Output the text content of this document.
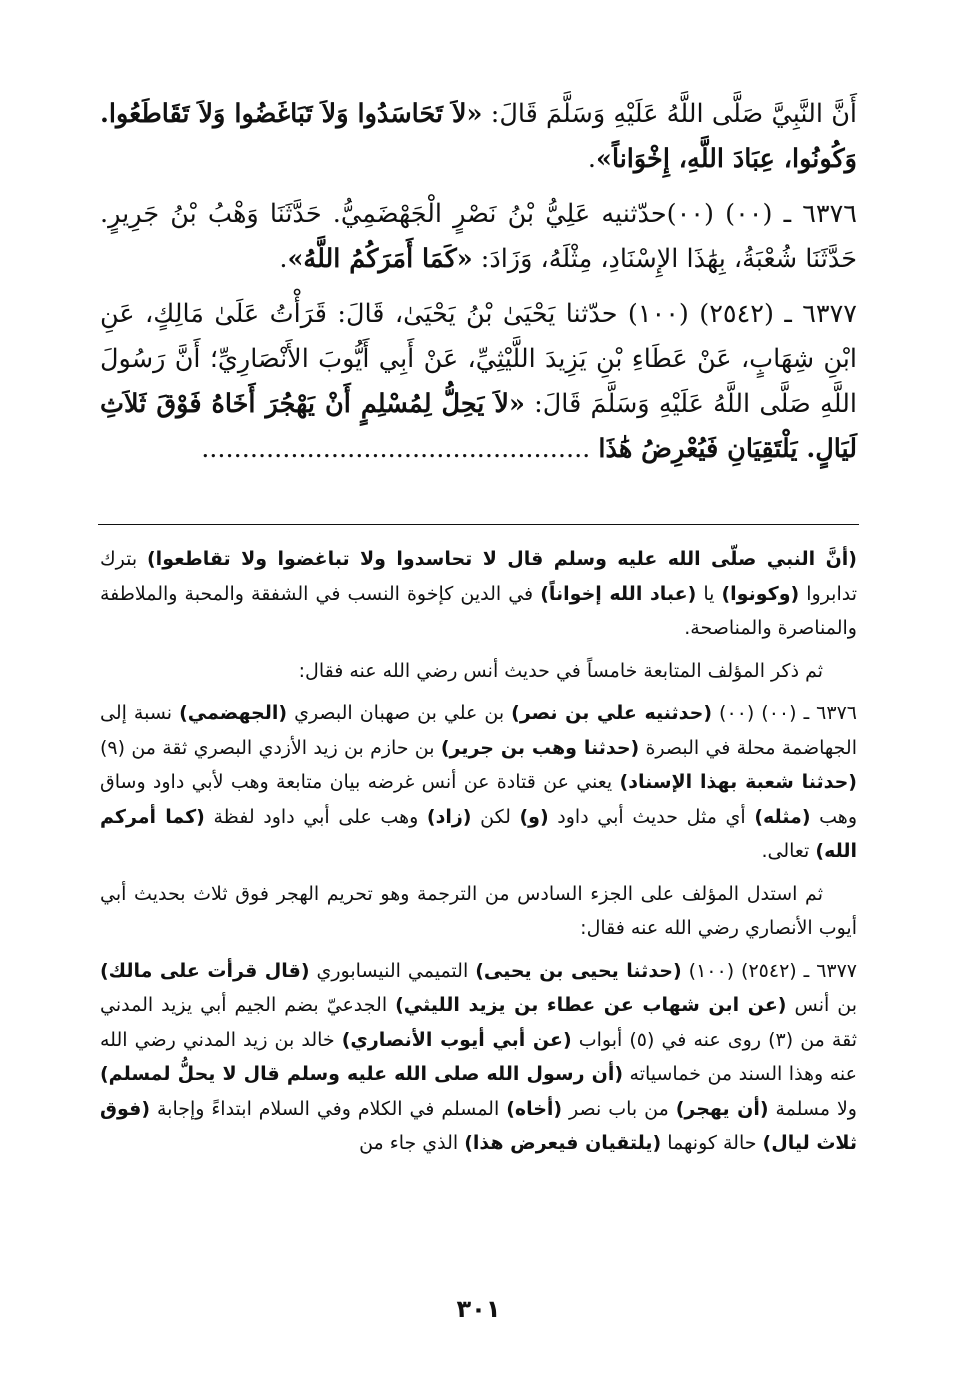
أَنَّ النَّبِيَّ صَلَّى اللَّهُ عَلَيْهِ وَسَلَّمَ قَالَ: «لاَ تَحَاسَدُوا وَلاَ تَبَاغَضُوا وَلاَ تَقَاطَعُوا. وَكُونُوا، عِبَادَ اللَّهِ، إِخْوَاناً».

٦٣٧٦ ـ (٠٠) (٠٠)حدّثنيه عَلِيُّ بْنُ نَصْرٍ الْجَهْضَمِيُّ. حَدَّثَنَا وَهْبُ بْنُ جَرِيرٍ. حَدَّثَنَا شُعْبَةُ، بِهَٰذَا الإِسْنَادِ، مِثْلَهُ، وَزَادَ: «كَمَا أَمَرَكُمُ اللَّهُ».

٦٣٧٧ ـ (٢٥٤٢) (١٠٠) حدّثنا يَحْيَىٰ بْنُ يَحْيَىٰ، قَالَ: قَرَأْتُ عَلَىٰ مَالِكٍ، عَنِ ابْنِ شِهَابٍ، عَنْ عَطَاءِ بْنِ يَزِيدَ اللَّيْثِيِّ، عَنْ أَبِي أَيُّوبَ الأَنْصَارِيِّ؛ أَنَّ رَسُولَ اللَّهِ صَلَّى اللَّهُ عَلَيْهِ وَسَلَّمَ قَالَ: «لاَ يَحِلُّ لِمُسْلِمٍ أَنْ يَهْجُرَ أَخَاهُ فَوْقَ ثَلاَثِ لَيَالٍ. يَلْتَقِيَانِ فَيُعْرِضُ هَٰذَا ................................................

(أنَّ النبي صلّى الله عليه وسلم قال لا تحاسدوا ولا تباغضوا ولا تقاطعوا) بترك تدابروا (وكونوا) يا (عباد الله إخواناً) في الدين كإخوة النسب في الشفقة والمحبة والملاطفة والمناصرة والمناصحة.

ثم ذكر المؤلف المتابعة خامساً في حديث أنس رضي الله عنه فقال:

٦٣٧٦ ـ (٠٠) (٠٠) (حدثنيه علي بن نصر) بن علي بن صهبان البصري (الجهضمي) نسبة إلى الجهاضمة محلة في البصرة (حدثنا وهب بن جرير) بن حازم بن زيد الأزدي البصري ثقة من (٩) (حدثنا شعبة بهذا الإسناد) يعني عن قتادة عن أنس غرضه بيان متابعة وهب لأبي داود وساق وهب (مثله) أي مثل حديث أبي داود (و) لكن (زاد) وهب على أبي داود لفظة (كما أمركم الله) تعالى.

ثم استدل المؤلف على الجزء السادس من الترجمة وهو تحريم الهجر فوق ثلاث بحديث أبي أيوب الأنصاري رضي الله عنه فقال:

٦٣٧٧ ـ (٢٥٤٢) (١٠٠) (حدثنا يحيى بن يحيى) التميمي النيسابوري (قال قرأت على مالك) بن أنس (عن ابن شهاب عن عطاء بن يزيد الليثي) الجدعيّ بضم الجيم أبي يزيد المدني ثقة من (٣) روى عنه في (٥) أبواب (عن أبي أيوب الأنصاري) خالد بن زيد المدني رضي الله عنه وهذا السند من خماسياته (أن رسول الله صلى الله عليه وسلم قال لا يحلُّ لمسلم) ولا مسلمة (أن يهجر) من باب نصر (أخاه) المسلم في الكلام وفي السلام ابتداءً وإجابة (فوق ثلاث ليال) حالة كونهما (يلتقيان فيعرض هذا) الذي جاء من

٣٠١
